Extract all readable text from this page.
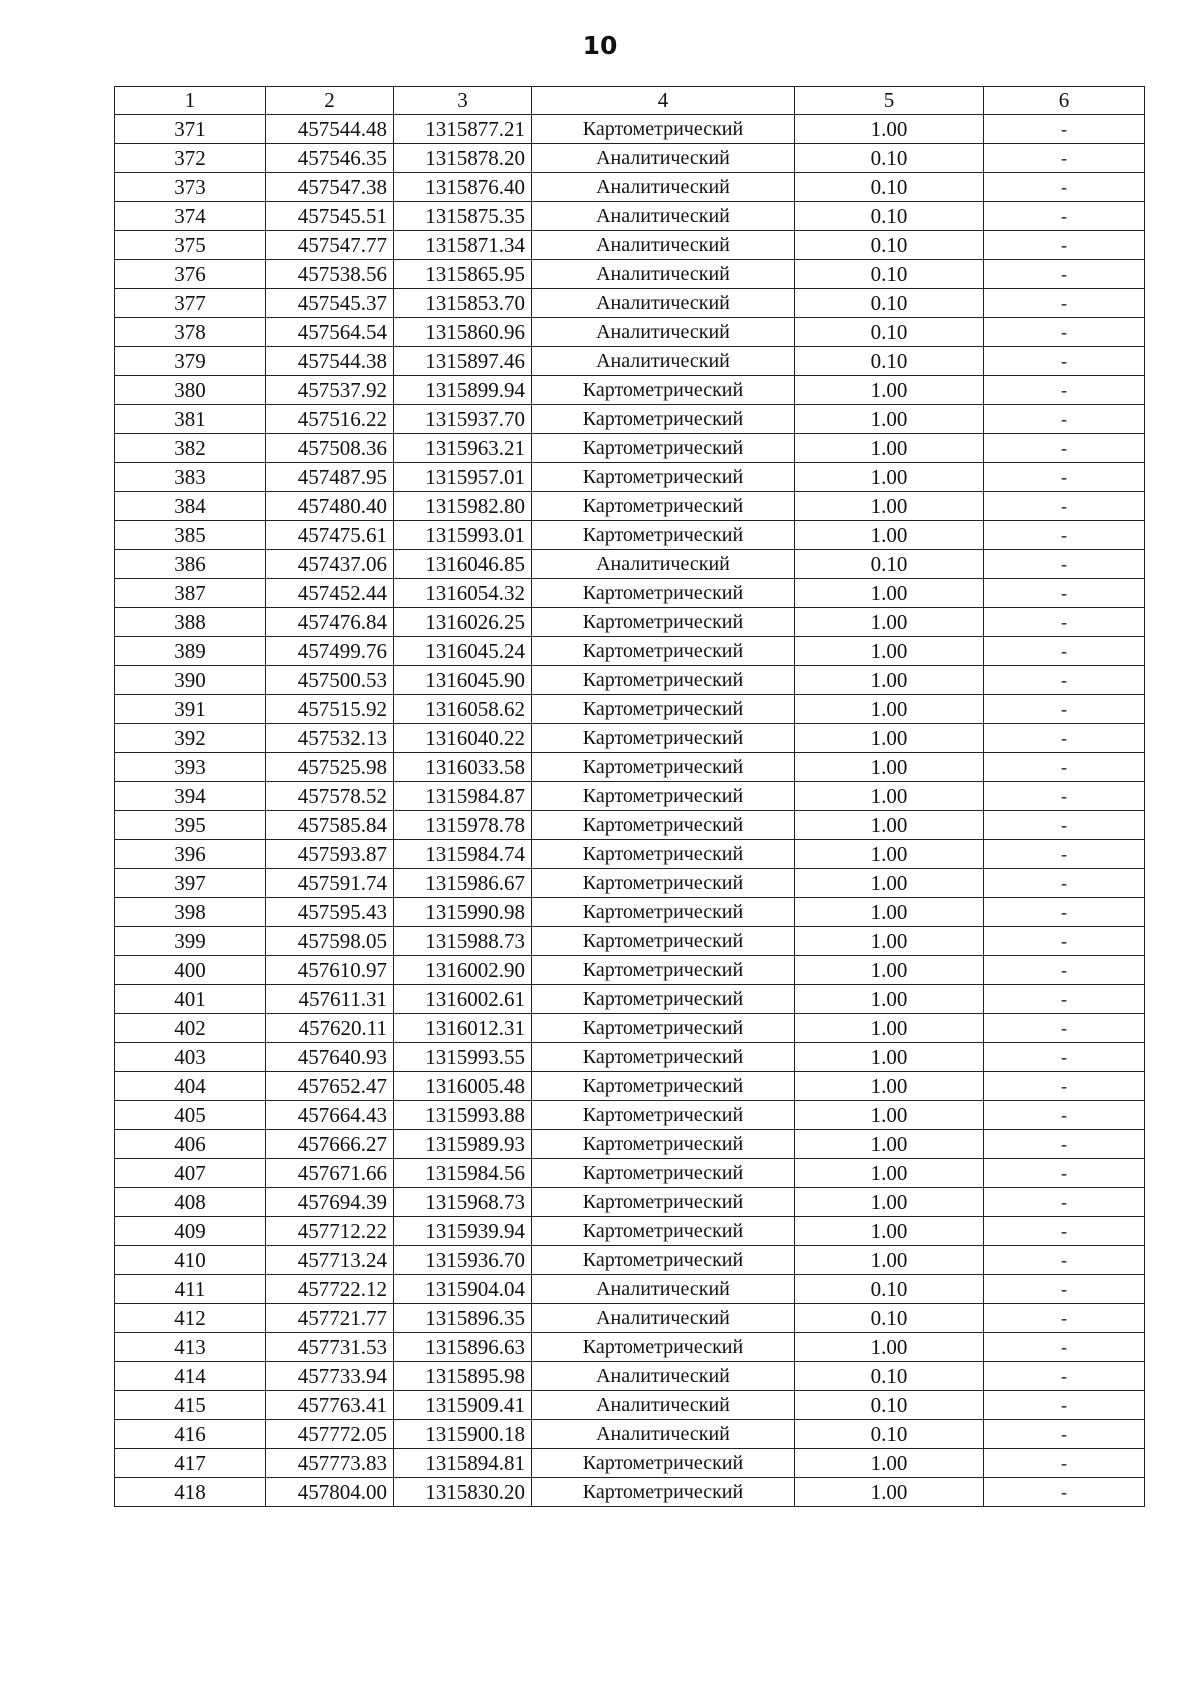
10
1	2	3	4	5	6
371	457544.48	1315877.21	Картометрический	1.00	-
372	457546.35	1315878.20	Аналитический	0.10	-
373	457547.38	1315876.40	Аналитический	0.10	-
374	457545.51	1315875.35	Аналитический	0.10	-
375	457547.77	1315871.34	Аналитический	0.10	-
376	457538.56	1315865.95	Аналитический	0.10	-
377	457545.37	1315853.70	Аналитический	0.10	-
378	457564.54	1315860.96	Аналитический	0.10	-
379	457544.38	1315897.46	Аналитический	0.10	-
380	457537.92	1315899.94	Картометрический	1.00	-
381	457516.22	1315937.70	Картометрический	1.00	-
382	457508.36	1315963.21	Картометрический	1.00	-
383	457487.95	1315957.01	Картометрический	1.00	-
384	457480.40	1315982.80	Картометрический	1.00	-
385	457475.61	1315993.01	Картометрический	1.00	-
386	457437.06	1316046.85	Аналитический	0.10	-
387	457452.44	1316054.32	Картометрический	1.00	-
388	457476.84	1316026.25	Картометрический	1.00	-
389	457499.76	1316045.24	Картометрический	1.00	-
390	457500.53	1316045.90	Картометрический	1.00	-
391	457515.92	1316058.62	Картометрический	1.00	-
392	457532.13	1316040.22	Картометрический	1.00	-
393	457525.98	1316033.58	Картометрический	1.00	-
394	457578.52	1315984.87	Картометрический	1.00	-
395	457585.84	1315978.78	Картометрический	1.00	-
396	457593.87	1315984.74	Картометрический	1.00	-
397	457591.74	1315986.67	Картометрический	1.00	-
398	457595.43	1315990.98	Картометрический	1.00	-
399	457598.05	1315988.73	Картометрический	1.00	-
400	457610.97	1316002.90	Картометрический	1.00	-
401	457611.31	1316002.61	Картометрический	1.00	-
402	457620.11	1316012.31	Картометрический	1.00	-
403	457640.93	1315993.55	Картометрический	1.00	-
404	457652.47	1316005.48	Картометрический	1.00	-
405	457664.43	1315993.88	Картометрический	1.00	-
406	457666.27	1315989.93	Картометрический	1.00	-
407	457671.66	1315984.56	Картометрический	1.00	-
408	457694.39	1315968.73	Картометрический	1.00	-
409	457712.22	1315939.94	Картометрический	1.00	-
410	457713.24	1315936.70	Картометрический	1.00	-
411	457722.12	1315904.04	Аналитический	0.10	-
412	457721.77	1315896.35	Аналитический	0.10	-
413	457731.53	1315896.63	Картометрический	1.00	-
414	457733.94	1315895.98	Аналитический	0.10	-
415	457763.41	1315909.41	Аналитический	0.10	-
416	457772.05	1315900.18	Аналитический	0.10	-
417	457773.83	1315894.81	Картометрический	1.00	-
418	457804.00	1315830.20	Картометрический	1.00	-
